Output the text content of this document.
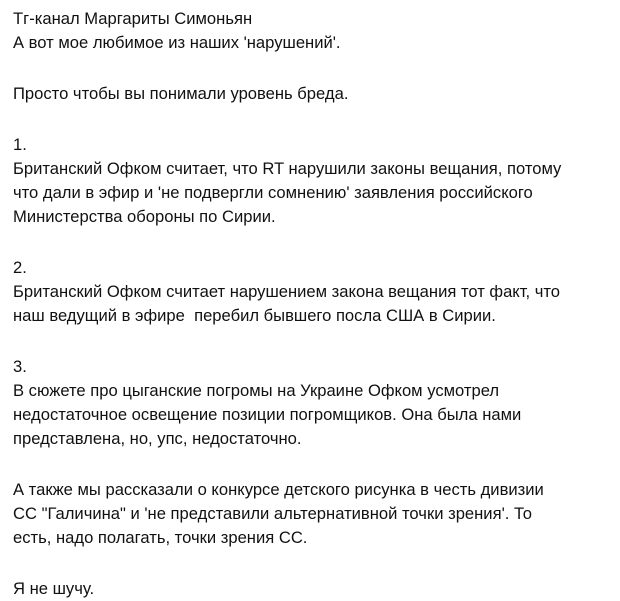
Тг-канал Маргариты Симоньян
А вот мое любимое из наших 'нарушений'.
Просто чтобы вы понимали уровень бреда.
1.
Британский Офком считает, что RT нарушили законы вещания, потому
что дали в эфир и 'не подвергли сомнению' заявления российского
Министерства обороны по Сирии.
2.
Британский Офком считает нарушением закона вещания тот факт, что
наш ведущий в эфире  перебил бывшего посла США в Сирии.
3.
В сюжете про цыганские погромы на Украине Офком усмотрел
недостаточное освещение позиции погромщиков. Она была нами
представлена, но, упс, недостаточно.
А также мы рассказали о конкурсе детского рисунка в честь дивизии
СС "Галичина" и 'не представили альтернативной точки зрения'. То
есть, надо полагать, точки зрения СС.
Я не шучу.
